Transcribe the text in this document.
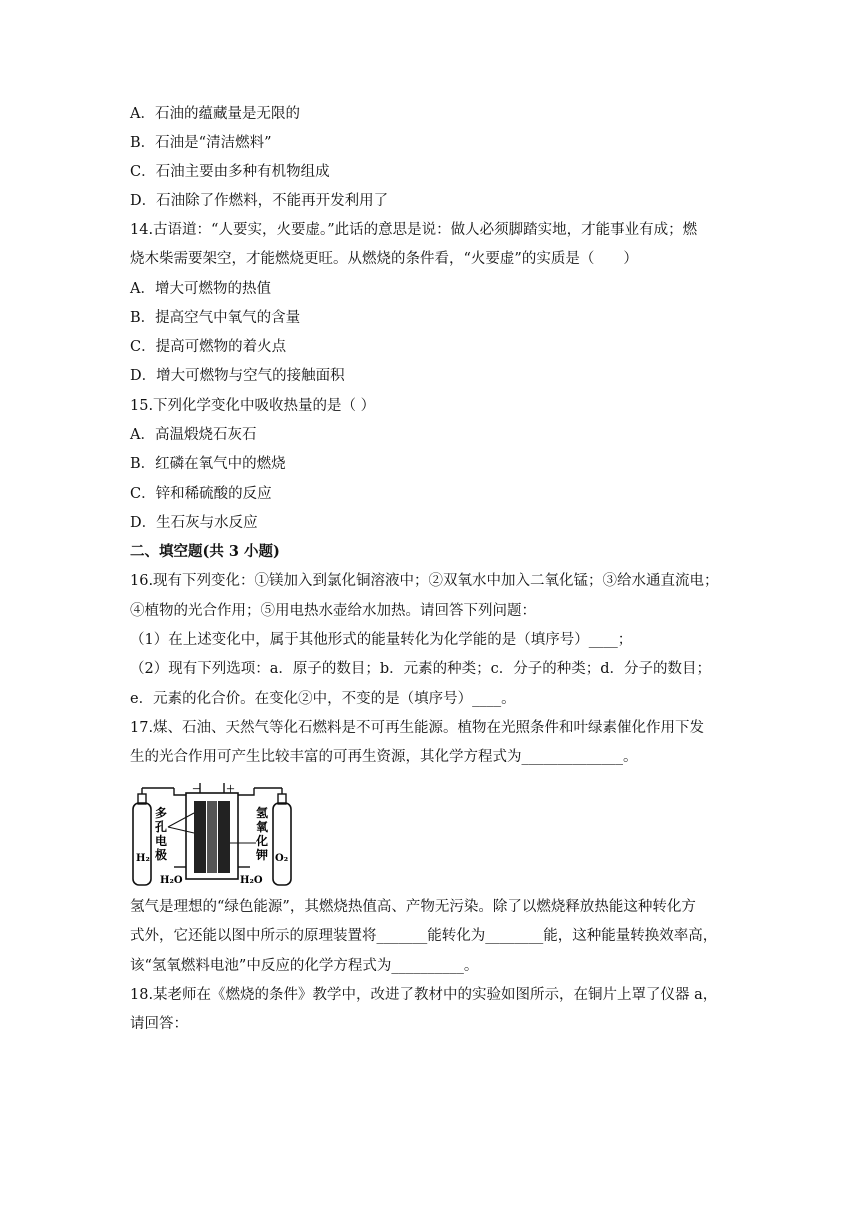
A．石油的蕴藏量是无限的
B．石油是“清洁燃料”
C．石油主要由多种有机物组成
D．石油除了作燃料，不能再开发利用了
14.古语道：“人要实，火要虚。”此话的意思是说：做人必须脚踏实地，才能事业有成；燃
烧木柴需要架空，才能燃烧更旺。从燃烧的条件看，“火要虚”的实质是（　　）
A．增大可燃物的热值
B．提高空气中氧气的含量
C．提高可燃物的着火点
D．增大可燃物与空气的接触面积
15.下列化学变化中吸收热量的是（ ）
A．高温煅烧石灰石
B．红磷在氧气中的燃烧
C．锌和稀硫酸的反应
D．生石灰与水反应
二、填空题(共 3 小题)
16.现有下列变化：①镁加入到氯化铜溶液中；②双氧水中加入二氧化锰；③给水通直流电；
④植物的光合作用；⑤用电热水壶给水加热。请回答下列问题：
（1）在上述变化中，属于其他形式的能量转化为化学能的是（填序号）____；
（2）现有下列选项：a．原子的数目；b．元素的种类；c．分子的种类；d．分子的数目；
e．元素的化合价。在变化②中，不变的是（填序号）____。
17.煤、石油、天然气等化石燃料是不可再生能源。植物在光照条件和叶绿素催化作用下发
生的光合作用可产生比较丰富的可再生资源，其化学方程式为______________。
H₂	O₂
－	＋
多 孔 电 极
氢 氧 化 钾
H₂O	H₂O
氢气是理想的“绿色能源”，其燃烧热值高、产物无污染。除了以燃烧释放热能这种转化方
式外，它还能以图中所示的原理装置将_______能转化为________能，这种能量转换效率高，
该“氢氧燃料电池”中反应的化学方程式为__________。
18.某老师在《燃烧的条件》教学中，改进了教材中的实验如图所示，在铜片上罩了仪器 a，
请回答：
